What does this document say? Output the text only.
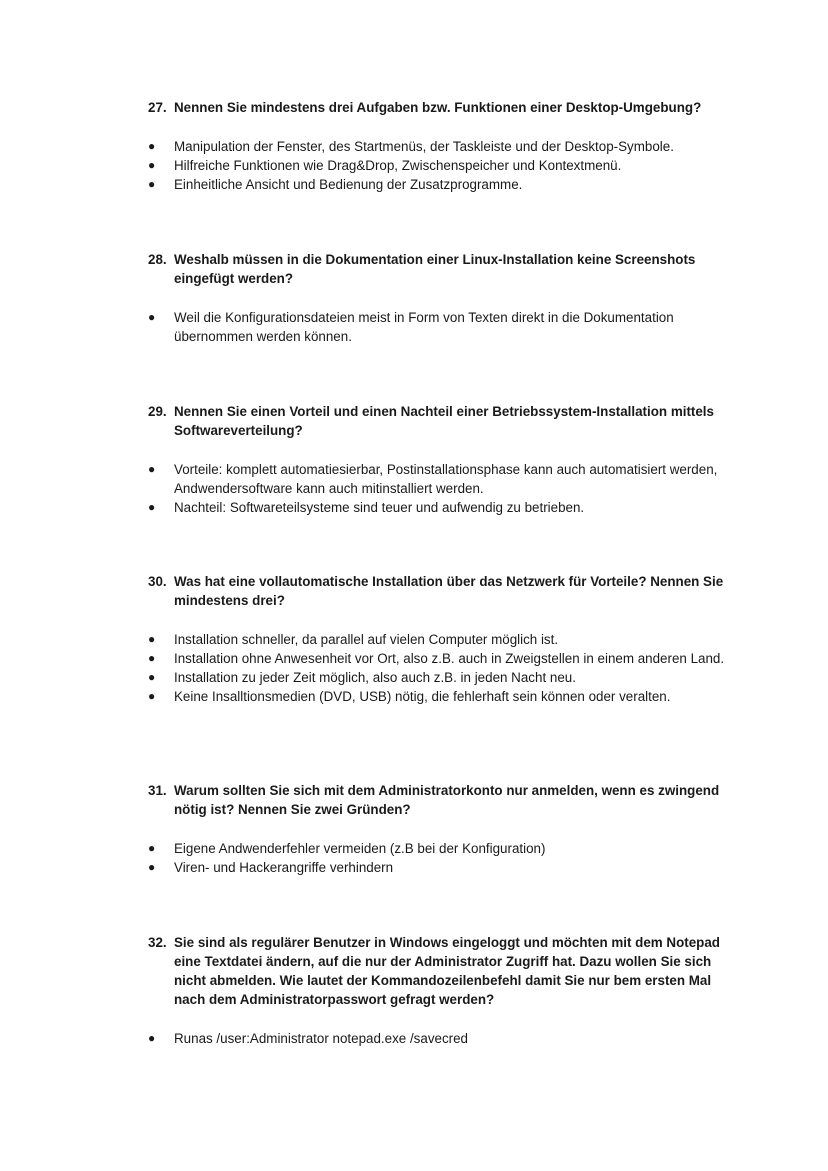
27. Nennen Sie mindestens drei Aufgaben bzw. Funktionen einer Desktop-Umgebung?
●	Manipulation der Fenster, des Startmenüs, der Taskleiste und der Desktop-Symbole.
●	Hilfreiche Funktionen wie Drag&Drop, Zwischenspeicher und Kontextmenü.
●	Einheitliche Ansicht und Bedienung der Zusatzprogramme.
28. Weshalb müssen in die Dokumentation einer Linux-Installation keine Screenshots eingefügt werden?
●	Weil die Konfigurationsdateien meist in Form von Texten direkt in die Dokumentation übernommen werden können.
29. Nennen Sie einen Vorteil und einen Nachteil einer Betriebssystem-Installation mittels Softwareverteilung?
●	Vorteile: komplett automatiesierbar, Postinstallationsphase kann auch automatisiert werden, Andwendersoftware kann auch mitinstalliert werden.
●	Nachteil: Softwareteilsysteme sind teuer und aufwendig zu betrieben.
30. Was hat eine vollautomatische Installation über das Netzwerk für Vorteile? Nennen Sie mindestens drei?
●	Installation schneller, da parallel auf vielen Computer möglich ist.
●	Installation ohne Anwesenheit vor Ort, also z.B. auch in Zweigstellen in einem anderen Land.
●	Installation zu jeder Zeit möglich, also auch z.B. in jeden Nacht neu.
●	Keine Insalltionsmedien (DVD, USB) nötig, die fehlerhaft sein können oder veralten.
31. Warum sollten Sie sich mit dem Administratorkonto nur anmelden, wenn es zwingend nötig ist? Nennen Sie zwei Gründen?
●	Eigene Andwenderfehler vermeiden (z.B bei der Konfiguration)
●	Viren- und Hackerangriffe verhindern
32. Sie sind als regulärer Benutzer in Windows eingeloggt und möchten mit dem Notepad eine Textdatei ändern, auf die nur der Administrator Zugriff hat. Dazu wollen Sie sich nicht abmelden. Wie lautet der Kommandozeilenbefehl damit Sie nur bem ersten Mal nach dem Administratorpasswort gefragt werden?
●	Runas /user:Administrator notepad.exe /savecred
